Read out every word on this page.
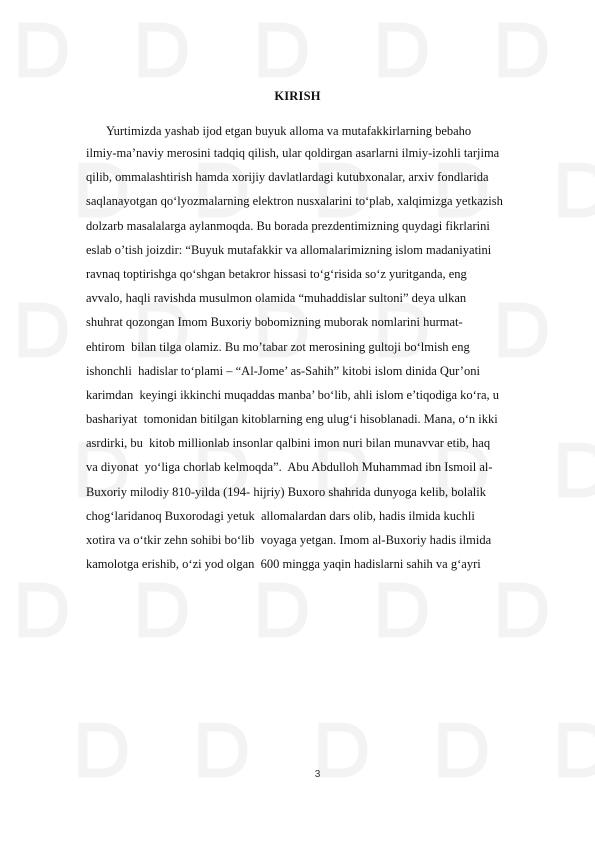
KIRISH
Yurtimizda yashab ijod etgan buyuk alloma va mutafakkirlarning bebaho
ilmiy-ma’naviy merosini tadqiq qilish, ular qoldirgan asarlarni ilmiy-izohli tarjima
qilib, ommalashtirish hamda xorijiy davlatlardagi kutubxonalar, arxiv fondlarida
saqlanayotgan qo‘lyozmalarning elektron nusxalarini to‘plab, xalqimizga yetkazish
dolzarb masalalarga aylanmoqda. Bu borada prezdentimizning quydagi fikrlarini
eslab o’tish joizdir: “Buyuk mutafakkir va allomalarimizning islom madaniyatini
ravnaq toptirishga qo‘shgan betakror hissasi to‘g‘risida so‘z yuritganda, eng
avvalo, haqli ravishda musulmon olamida “muhaddislar sultoni” deya ulkan
shuhrat qozongan Imom Buxoriy bobomizning muborak nomlarini hurmat-
ehtirom  bilan tilga olamiz. Bu mo’tabar zot merosining gultoji bo‘lmish eng
ishonchli  hadislar to‘plami – “Al-Jome’ as-Sahih” kitobi islom dinida Qur’oni
karimdan  keyingi ikkinchi muqaddas manba’ bo‘lib, ahli islom e’tiqodiga ko‘ra, u
bashariyat  tomonidan bitilgan kitoblarning eng ulug‘i hisoblanadi. Mana, o‘n ikki
asrdirki, bu  kitob millionlab insonlar qalbini imon nuri bilan munavvar etib, haq
va diyonat  yo‘liga chorlab kelmoqda”.  Abu Abdulloh Muhammad ibn Ismoil al-
Buxoriy milodiy 810-yilda (194- hijriy) Buxoro shahrida dunyoga kelib, bolalik
chog‘laridanoq Buxorodagi yetuk  allomalardan dars olib, hadis ilmida kuchli
xotira va o‘tkir zehn sohibi bo‘lib  voyaga yetgan. Imom al-Buxoriy hadis ilmida
kamolotga erishib, o‘zi yod olgan  600 mingga yaqin hadislarni sahih va g‘ayri
3
